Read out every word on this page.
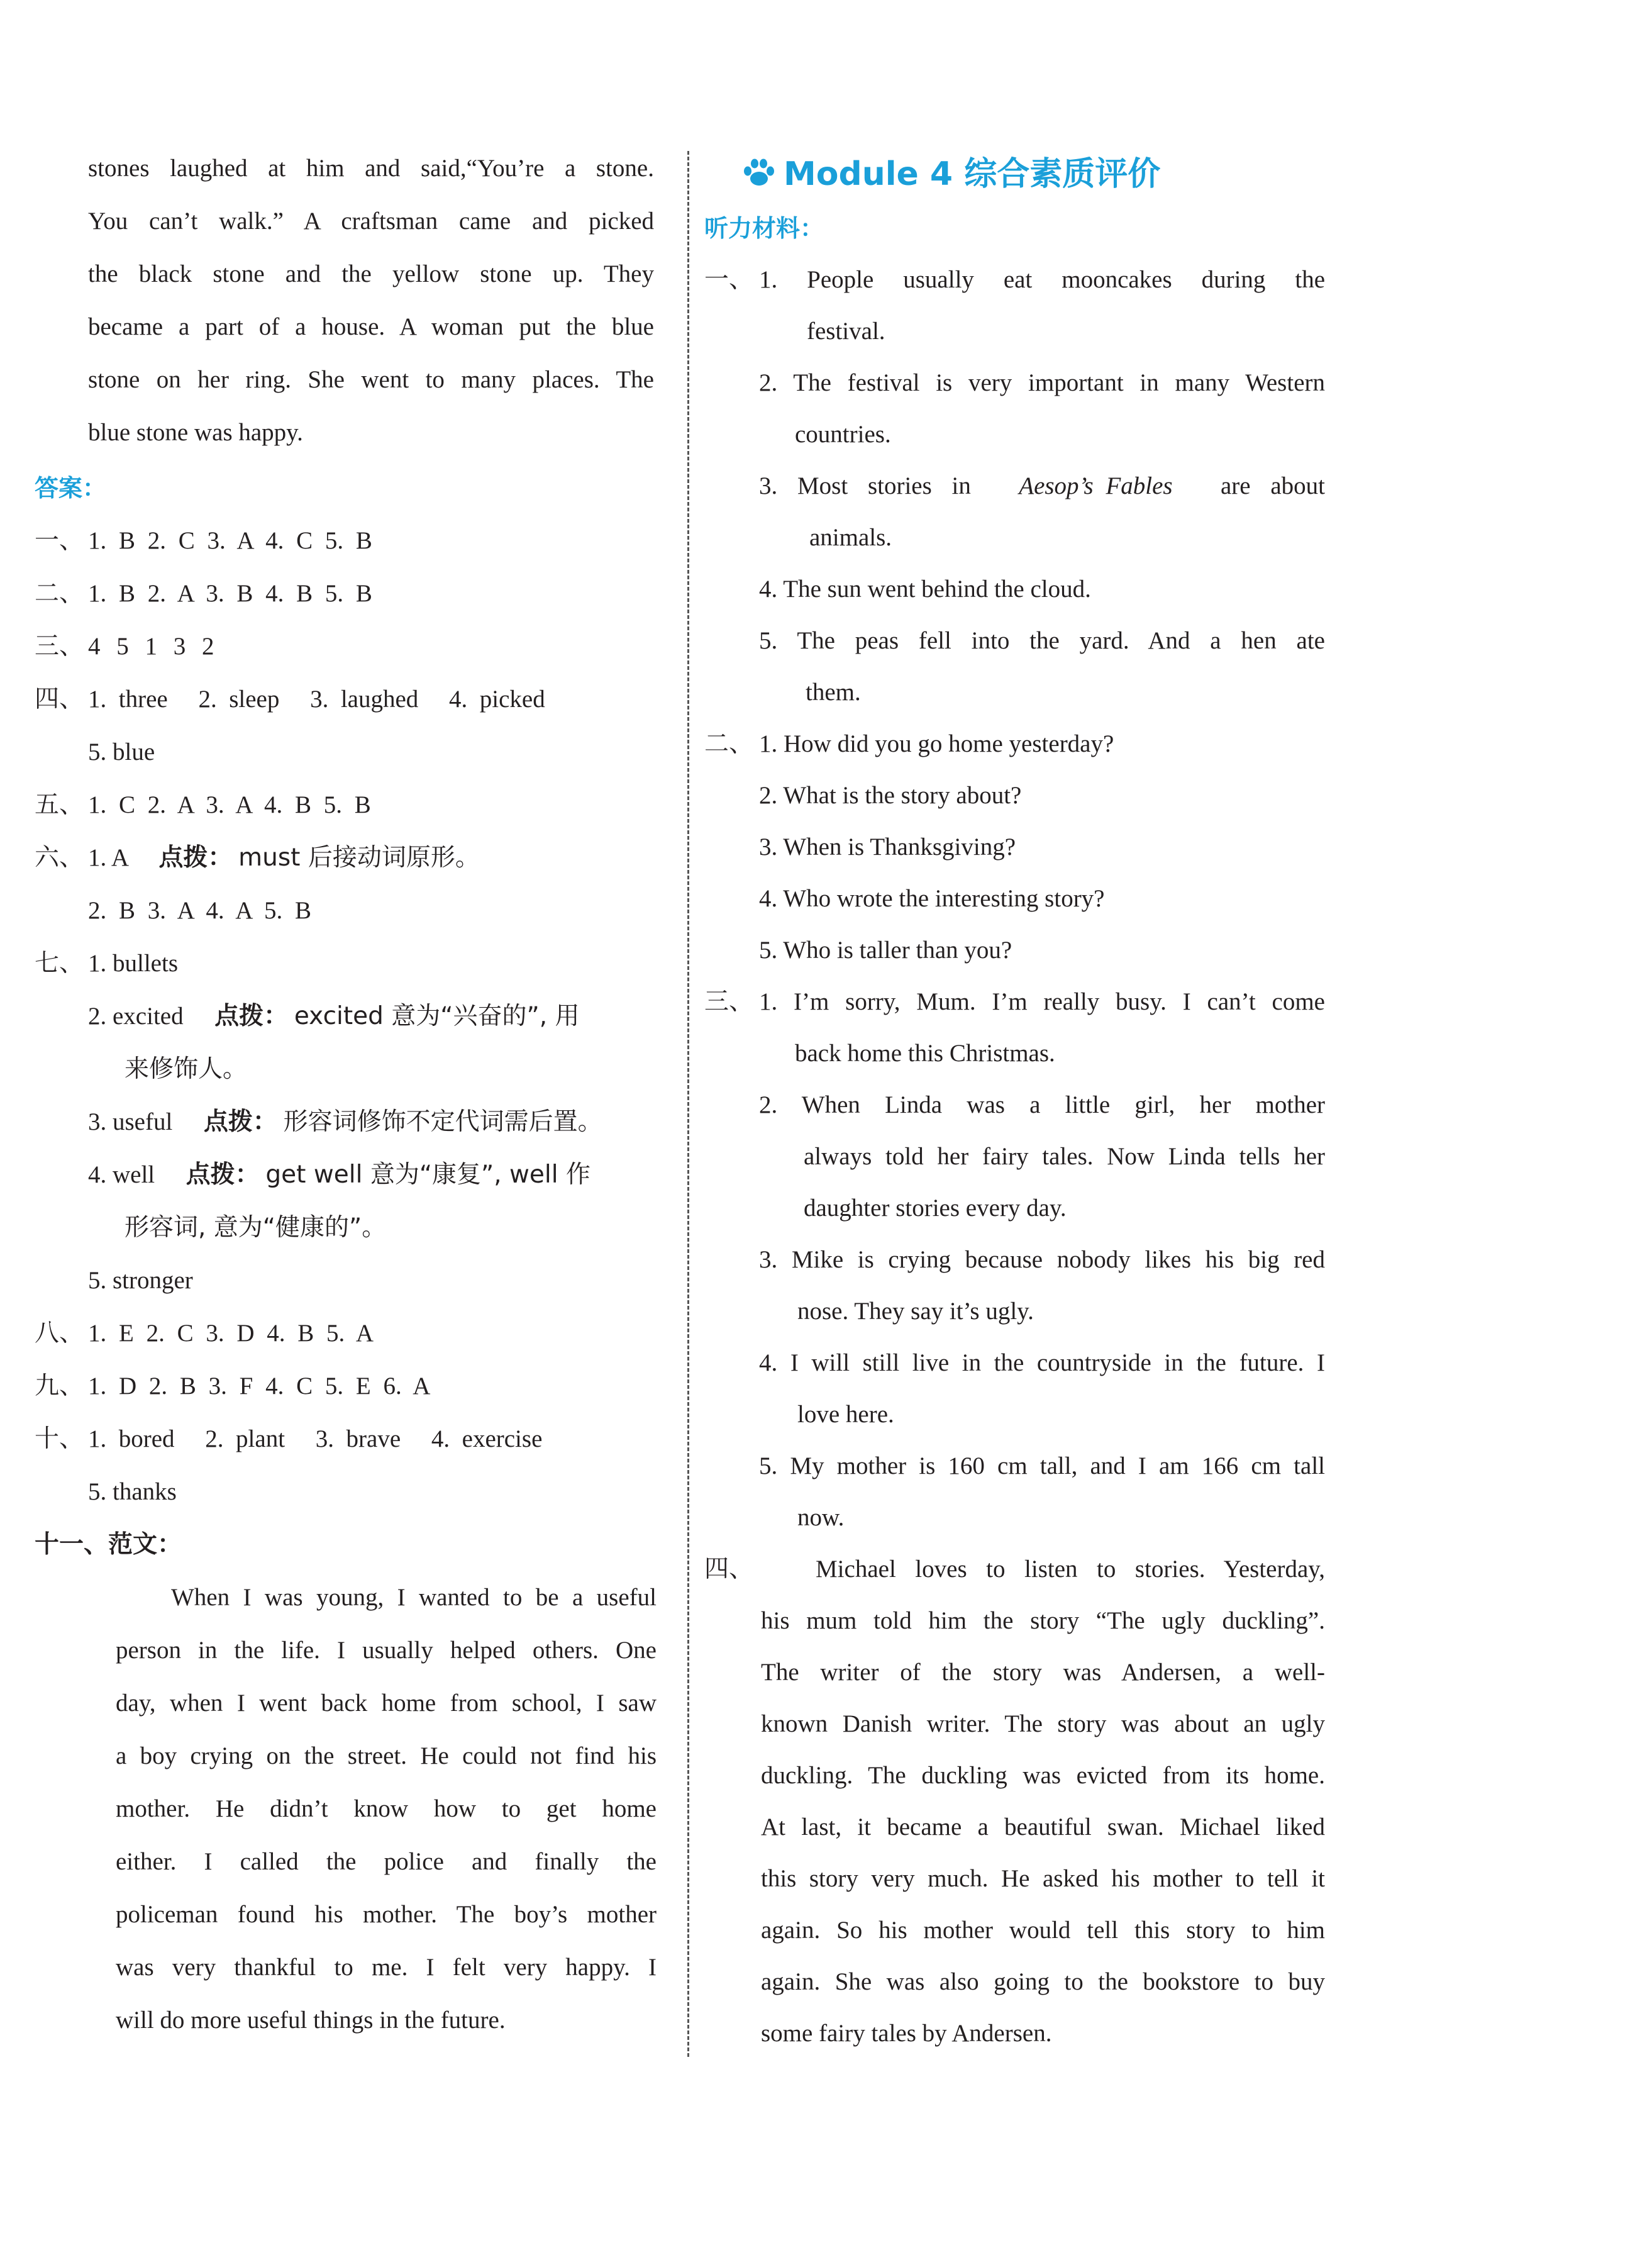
stones laughed at him and said,“You’re a stone.
You can’t walk.” A craftsman came and picked
the black stone and the yellow stone up. They
became a part of a house. A woman put the blue
stone on her ring. She went to many places. The
blue stone was happy.
答案：
一、 1. B 2. C 3. A 4. C 5. B
二、 1. B 2. A 3. B 4. B 5. B
三、 4 5 1 3 2
四、 1.  three     2.  sleep     3.  laughed     4.  picked
5. blue
五、 1. C 2. A 3. A 4. B 5. B
六、 1. A 点拨： must 后接动词原形。
2. B 3. A 4. A 5. B
七、 1. bullets
2. excited 点拨： excited 意为“兴奋的”, 用
来修饰人。
3. useful 点拨： 形容词修饰不定代词需后置。
4. well 点拨： get well 意为“康复”, well 作
形容词, 意为“健康的”。
5. stronger
八、 1. E 2. C 3. D 4. B 5. A
九、 1. D 2. B 3. F 4. C 5. E 6. A
十、 1.  bored     2.  plant     3.  brave     4.  exercise
5. thanks
十一、范文：
When I was young, I wanted to be a useful
person in the life. I usually helped others. One
day, when I went back home from school, I saw
a boy crying on the street. He could not find his
mother. He didn’t know how to get home
either. I called the police and finally the
policeman found his mother. The boy’s mother
was very thankful to me. I felt very happy. I
will do more useful things in the future.
Module 4 综合素质评价
听力材料：
一、 1. People usually eat mooncakes during the
festival.
2. The festival is very important in many Western
countries.
3. Most stories in Aesop’s Fables are about
animals.
4. The sun went behind the cloud.
5. The peas fell into the yard. And a hen ate
them.
二、 1. How did you go home yesterday?
2. What is the story about?
3. When is Thanksgiving?
4. Who wrote the interesting story?
5. Who is taller than you?
三、 1. I’m sorry, Mum. I’m really busy. I can’t come
back home this Christmas.
2. When Linda was a little girl, her mother
always told her fairy tales. Now Linda tells her
daughter stories every day.
3. Mike is crying because nobody likes his big red
nose. They say it’s ugly.
4. I will still live in the countryside in the future. I
love here.
5. My mother is 160 cm tall, and I am 166 cm tall
now.
四、	Michael loves to listen to stories. Yesterday,
his mum told him the story “The ugly duckling”.
The writer of the story was Andersen, a well-
known Danish writer. The story was about an ugly
duckling. The duckling was evicted from its home.
At last, it became a beautiful swan. Michael liked
this story very much. He asked his mother to tell it
again. So his mother would tell this story to him
again. She was also going to the bookstore to buy
some fairy tales by Andersen.
